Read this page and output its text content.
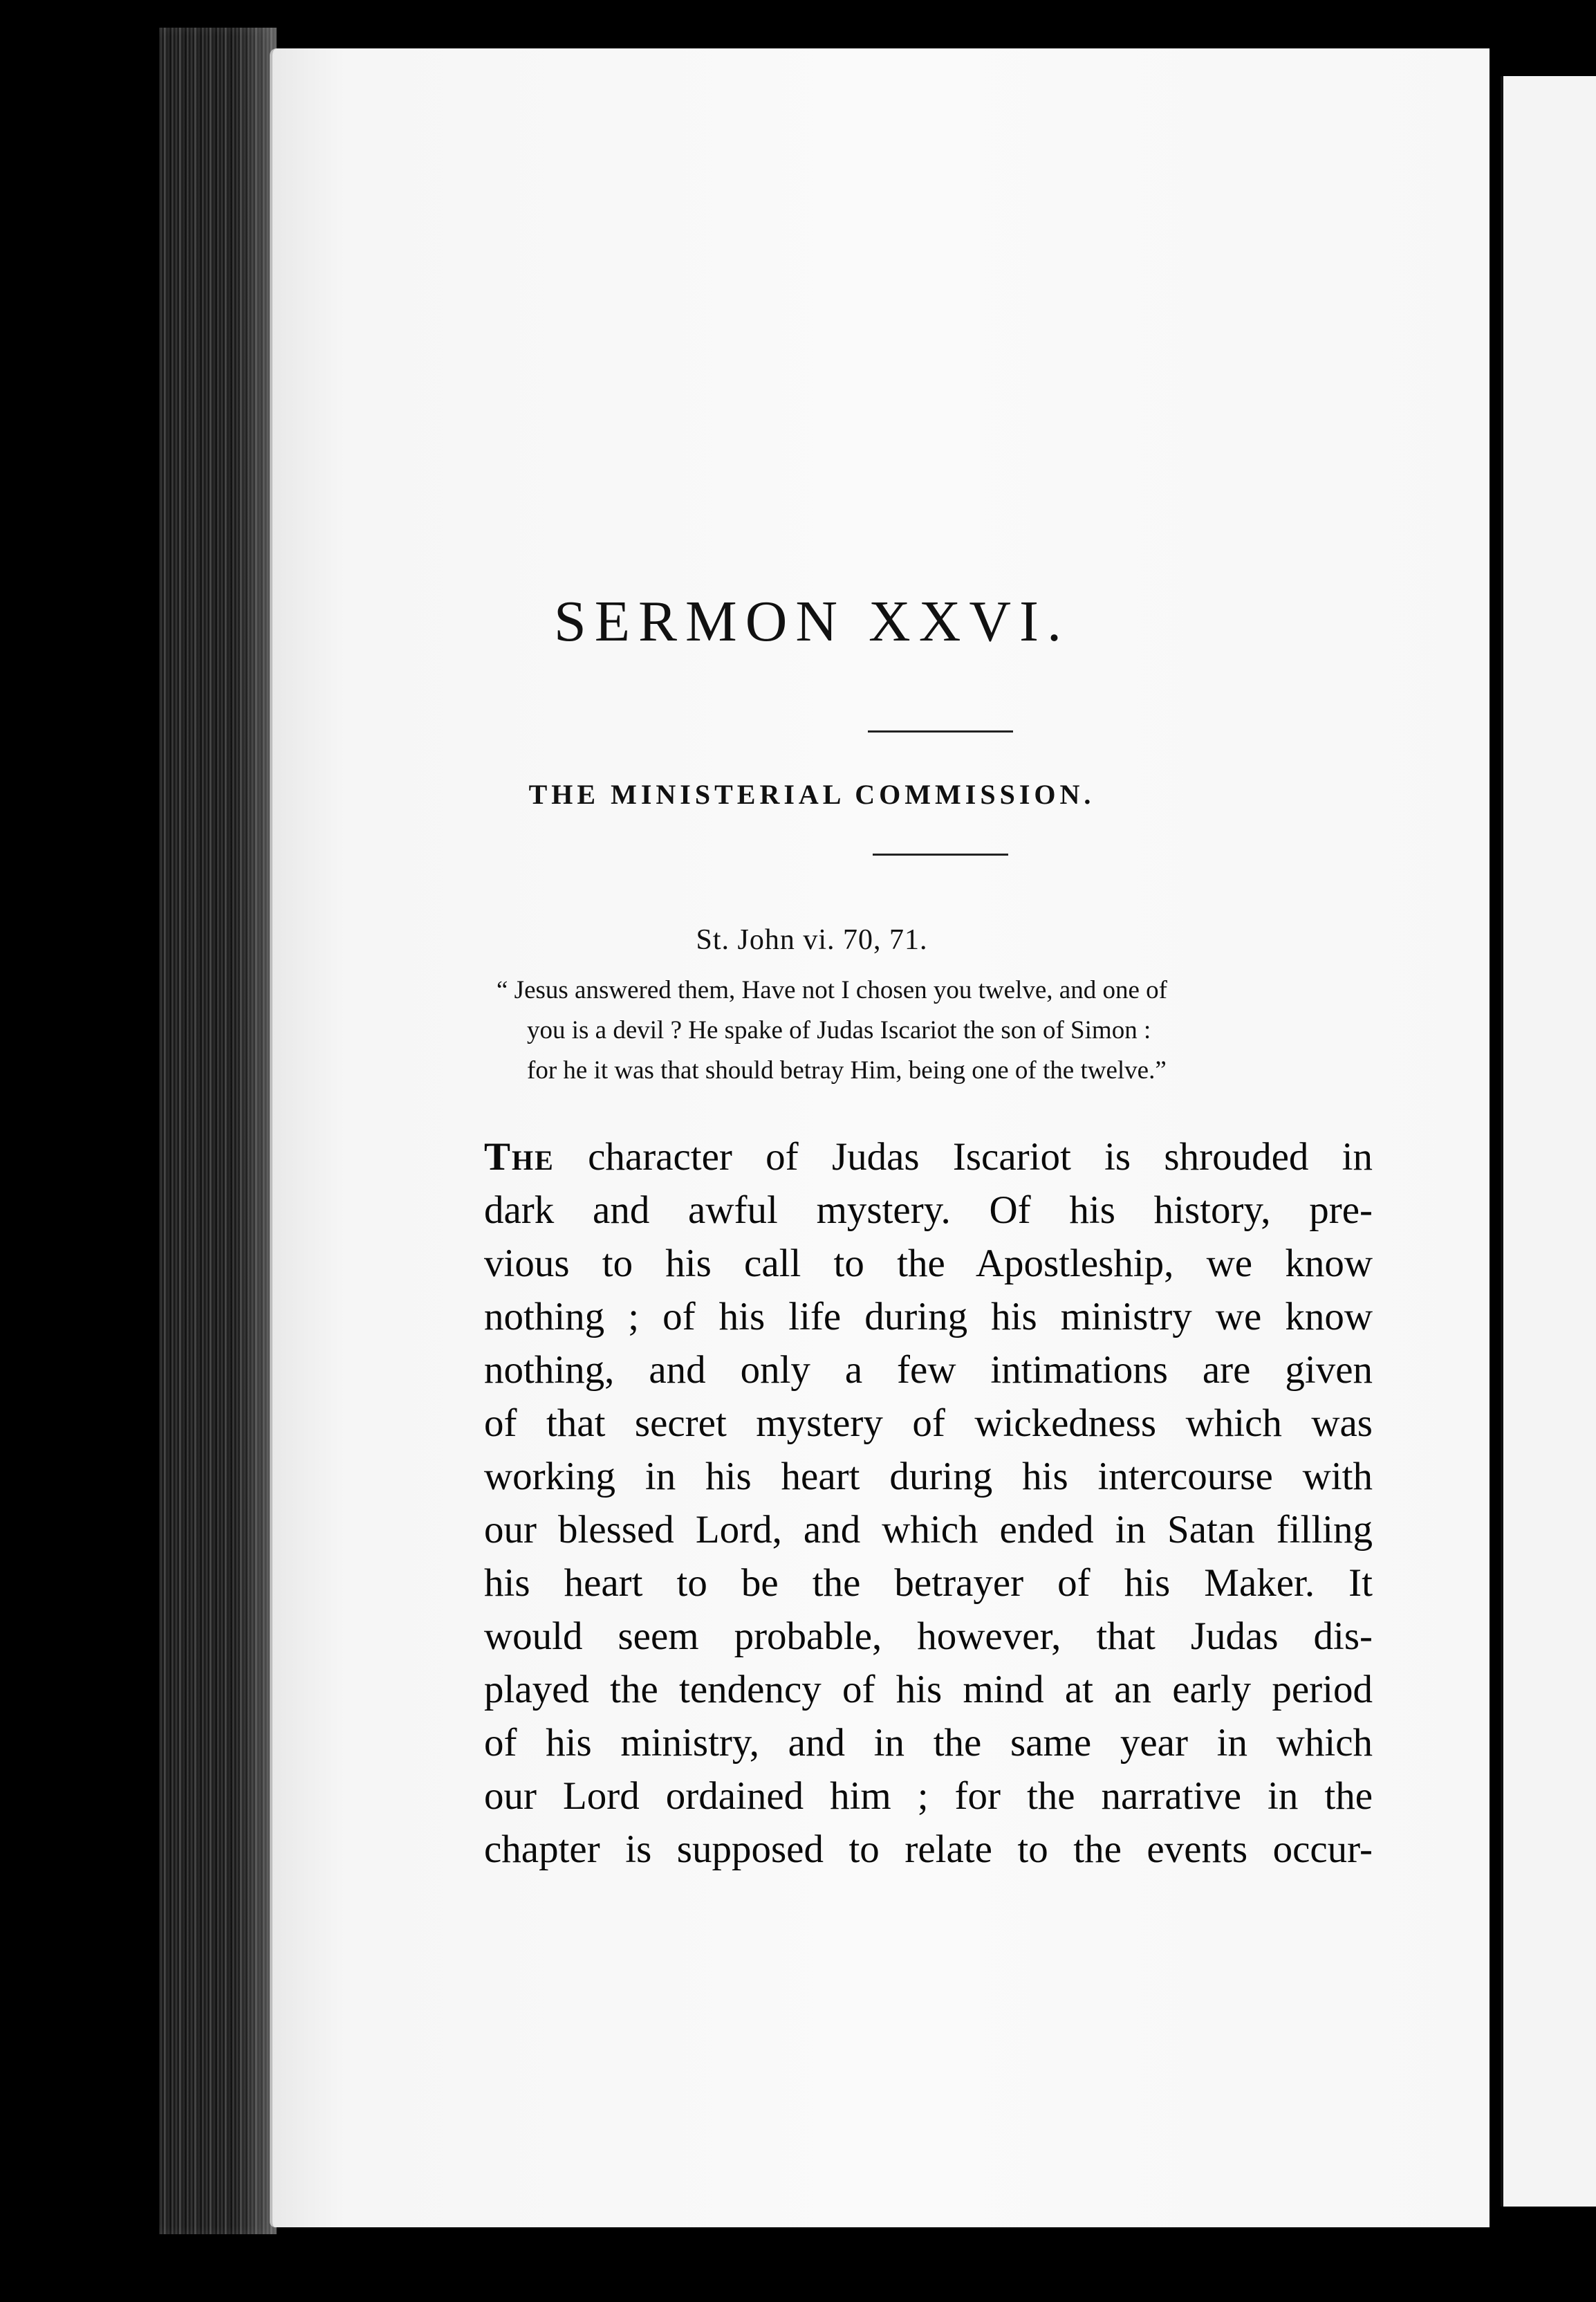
SERMON XXVI.
THE MINISTERIAL COMMISSION.
St. John vi. 70, 71.
“ Jesus answered them, Have not I chosen you twelve, and one of
you is a devil ? He spake of Judas Iscariot the son of Simon :
for he it was that should betray Him, being one of the twelve.”
The character of Judas Iscariot is shrouded in
dark and awful mystery. Of his history, pre-
vious to his call to the Apostleship, we know
nothing ; of his life during his ministry we know
nothing, and only a few intimations are given
of that secret mystery of wickedness which was
working in his heart during his intercourse with
our blessed Lord, and which ended in Satan filling
his heart to be the betrayer of his Maker. It
would seem probable, however, that Judas dis-
played the tendency of his mind at an early period
of his ministry, and in the same year in which
our Lord ordained him ; for the narrative in the
chapter is supposed to relate to the events occur-
